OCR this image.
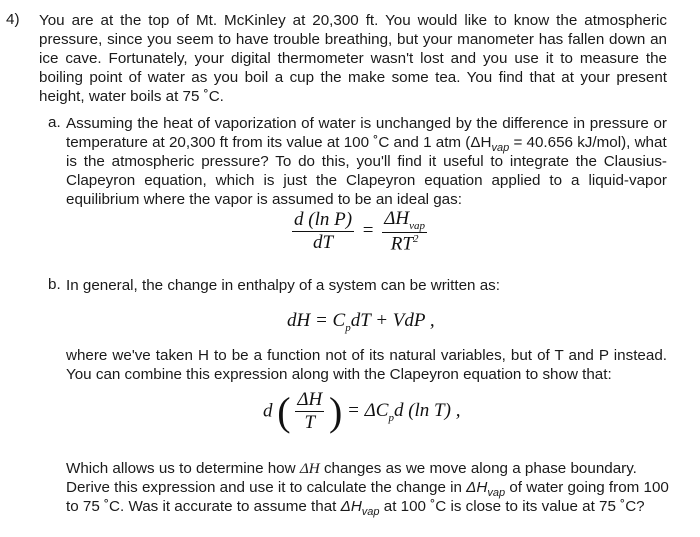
4) You are at the top of Mt. McKinley at 20,300 ft. You would like to know the atmospheric
pressure, since you seem to have trouble breathing, but your manometer has fallen down an
ice cave. Fortunately, your digital thermometer wasn't lost and you use it to measure the
boiling point of water as you boil a cup the make some tea. You find that at your present
height, water boils at 75 ˚C.
a. Assuming the heat of vaporization of water is unchanged by the difference in pressure or
temperature at 20,300 ft from its value at 100 ˚C and 1 atm ($\Delta H_{vap} = 40.656$ kJ/mol), what
is the atmospheric pressure? To do this, you'll find it useful to integrate the Clausius-
Clapeyron equation, which is just the Clapeyron equation applied to a liquid-vapor
equilibrium where the vapor is assumed to be an ideal gas:
$\frac{\text{d (ln P)}}{dT} = \frac{\Delta H_{vap}}{RT^2}$
b. In general, the change in enthalpy of a system can be written as:
dH = $C_pdT$ + VdP ,
where we've taken H to be a function not of its natural variables, but of T and P instead.
You can combine this expression along with the Clapeyron equation to show that:
d ( $\frac{\Delta H}{T}$ ) = $\Delta C_pd$ (ln T) ,
Which allows us to determine how ΔH changes as we move along a phase boundary.
Derive this expression and use it to calculate the change in $\Delta H_{vap}$ of water going from 100
to 75 ˚C. Was it accurate to assume that $\Delta H_{vap}$ at 100 ˚C is close to its value at 75 ˚C?
